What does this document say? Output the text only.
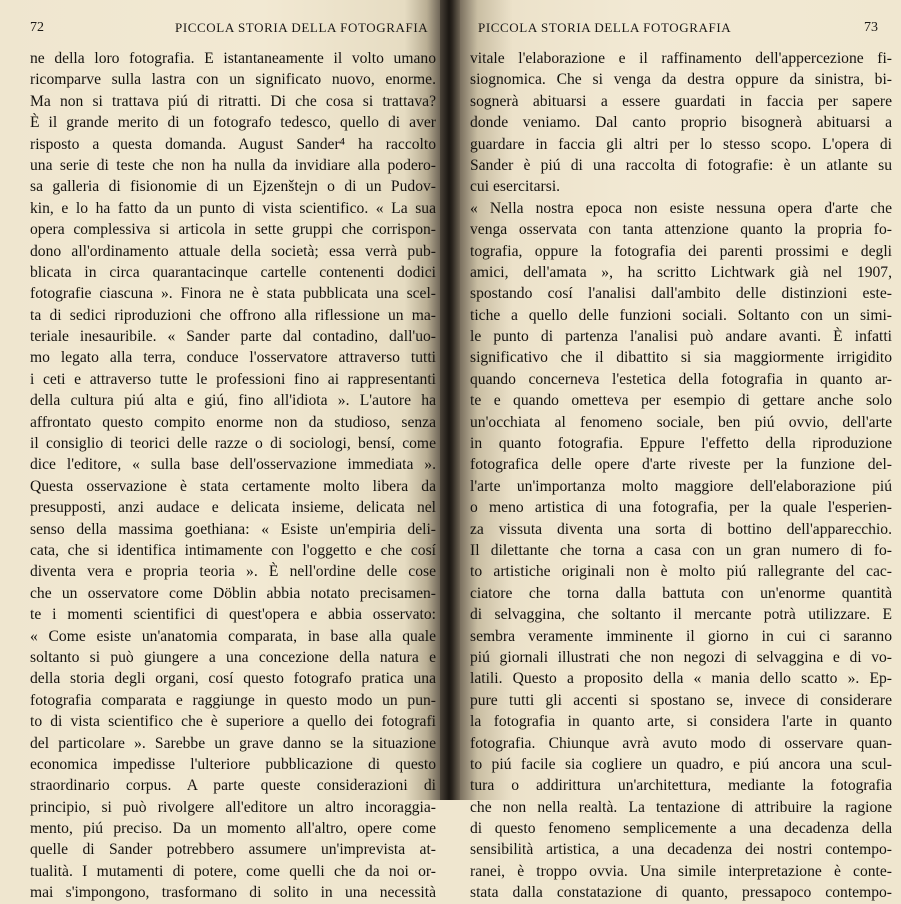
72	PICCOLA STORIA DELLA FOTOGRAFIA
ne della loro fotografia. E istantaneamente il volto umano
ricomparve sulla lastra con un significato nuovo, enorme.
Ma non si trattava piú di ritratti. Di che cosa si trattava?
È il grande merito di un fotografo tedesco, quello di aver
risposto a questa domanda. August Sander⁴ ha raccolto
una serie di teste che non ha nulla da invidiare alla podero-
sa galleria di fisionomie di un Ejzenštejn o di un Pudov-
kin, e lo ha fatto da un punto di vista scientifico. « La sua
opera complessiva si articola in sette gruppi che corrispon-
dono all'ordinamento attuale della società; essa verrà pub-
blicata in circa quarantacinque cartelle contenenti dodici
fotografie ciascuna ». Finora ne è stata pubblicata una scel-
ta di sedici riproduzioni che offrono alla riflessione un ma-
teriale inesauribile. « Sander parte dal contadino, dall'uo-
mo legato alla terra, conduce l'osservatore attraverso tutti
i ceti e attraverso tutte le professioni fino ai rappresentanti
della cultura piú alta e giú, fino all'idiota ». L'autore ha
affrontato questo compito enorme non da studioso, senza
il consiglio di teorici delle razze o di sociologi, bensí, come
dice l'editore, « sulla base dell'osservazione immediata ».
Questa osservazione è stata certamente molto libera da
presupposti, anzi audace e delicata insieme, delicata nel
senso della massima goethiana: « Esiste un'empiria deli-
cata, che si identifica intimamente con l'oggetto e che cosí
diventa vera e propria teoria ». È nell'ordine delle cose
che un osservatore come Döblin abbia notato precisamen-
te i momenti scientifici di quest'opera e abbia osservato:
« Come esiste un'anatomia comparata, in base alla quale
soltanto si può giungere a una concezione della natura e
della storia degli organi, cosí questo fotografo pratica una
fotografia comparata e raggiunge in questo modo un pun-
to di vista scientifico che è superiore a quello dei fotografi
del particolare ». Sarebbe un grave danno se la situazione
economica impedisse l'ulteriore pubblicazione di questo
straordinario corpus. A parte queste considerazioni di
principio, si può rivolgere all'editore un altro incoraggia-
mento, piú preciso. Da un momento all'altro, opere come
quelle di Sander potrebbero assumere un'imprevista at-
tualità. I mutamenti di potere, come quelli che da noi or-
mai s'impongono, trasformano di solito in una necessità
PICCOLA STORIA DELLA FOTOGRAFIA	73
vitale l'elaborazione e il raffinamento dell'appercezione fi-
siognomica. Che si venga da destra oppure da sinistra, bi-
sognerà abituarsi a essere guardati in faccia per sapere
donde veniamo. Dal canto proprio bisognerà abituarsi a
guardare in faccia gli altri per lo stesso scopo. L'opera di
Sander è piú di una raccolta di fotografie: è un atlante su
cui esercitarsi.
« Nella nostra epoca non esiste nessuna opera d'arte che
venga osservata con tanta attenzione quanto la propria fo-
tografia, oppure la fotografia dei parenti prossimi e degli
amici, dell'amata », ha scritto Lichtwark già nel 1907,
spostando cosí l'analisi dall'ambito delle distinzioni este-
tiche a quello delle funzioni sociali. Soltanto con un simi-
le punto di partenza l'analisi può andare avanti. È infatti
significativo che il dibattito si sia maggiormente irrigidito
quando concerneva l'estetica della fotografia in quanto ar-
te e quando ometteva per esempio di gettare anche solo
un'occhiata al fenomeno sociale, ben piú ovvio, dell'arte
in quanto fotografia. Eppure l'effetto della riproduzione
fotografica delle opere d'arte riveste per la funzione del-
l'arte un'importanza molto maggiore dell'elaborazione piú
o meno artistica di una fotografia, per la quale l'esperien-
za vissuta diventa una sorta di bottino dell'apparecchio.
Il dilettante che torna a casa con un gran numero di fo-
to artistiche originali non è molto piú rallegrante del cac-
ciatore che torna dalla battuta con un'enorme quantità
di selvaggina, che soltanto il mercante potrà utilizzare. E
sembra veramente imminente il giorno in cui ci saranno
piú giornali illustrati che non negozi di selvaggina e di vo-
latili. Questo a proposito della « mania dello scatto ». Ep-
pure tutti gli accenti si spostano se, invece di considerare
la fotografia in quanto arte, si considera l'arte in quanto
fotografia. Chiunque avrà avuto modo di osservare quan-
to piú facile sia cogliere un quadro, e piú ancora una scul-
tura o addirittura un'architettura, mediante la fotografia
che non nella realtà. La tentazione di attribuire la ragione
di questo fenomeno semplicemente a una decadenza della
sensibilità artistica, a una decadenza dei nostri contempo-
ranei, è troppo ovvia. Una simile interpretazione è conte-
stata dalla constatazione di quanto, pressapoco contempo-
